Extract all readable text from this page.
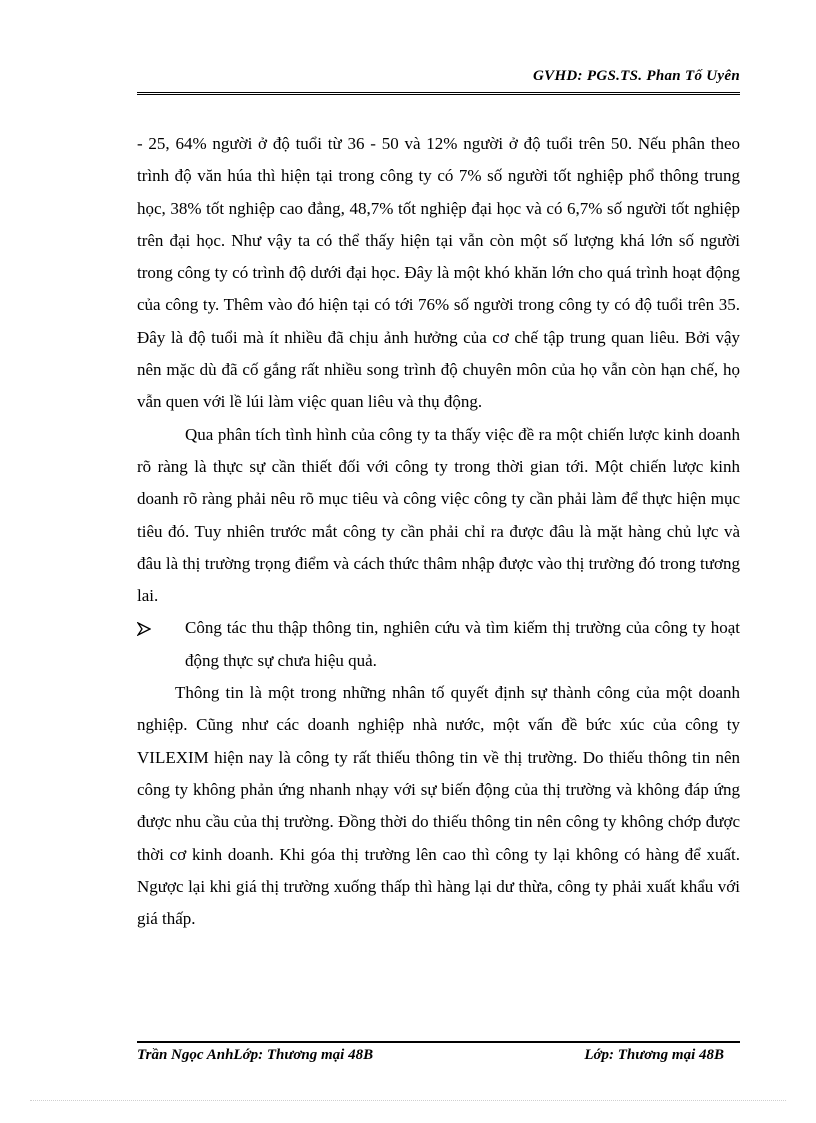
GVHD: PGS.TS. Phan Tố Uyên

- 25, 64% người ở độ tuổi từ 36 - 50 và 12% người ở độ tuổi trên 50. Nếu phân theo trình độ văn húa thì hiện tại trong công ty có 7% số người tốt nghiệp phổ thông trung học, 38% tốt nghiệp cao đẳng, 48,7% tốt nghiệp đại học và có 6,7% số người tốt nghiệp trên đại học. Như vậy ta có thể thấy hiện tại vẫn còn một số lượng khá lớn số người trong công ty có trình độ dưới đại học. Đây là một khó khăn lớn cho quá trình hoạt động của công ty. Thêm vào đó hiện tại có tới 76% số người trong công ty có độ tuổi trên 35. Đây là độ tuổi mà ít nhiều đã chịu ảnh hưởng của cơ chế tập trung quan liêu. Bởi vậy nên mặc dù đã cố gắng rất nhiều song trình độ chuyên môn của họ vẫn còn hạn chế, họ vẫn quen với lề lúi làm việc quan liêu và thụ động.

Qua phân tích tình hình của công ty ta thấy việc đề ra một chiến lược kinh doanh rõ ràng là thực sự cần thiết đối với công ty trong thời gian tới. Một chiến lược kinh doanh rõ ràng phải nêu rõ mục tiêu và công việc công ty cần phải làm để thực hiện mục tiêu đó. Tuy nhiên trước mắt công ty cần phải chỉ ra được đâu là mặt hàng chủ lực và đâu là thị trường trọng điểm và cách thức thâm nhập được vào thị trường đó trong tương lai.

Công tác thu thập thông tin, nghiên cứu và tìm kiếm thị trường của công ty hoạt động thực sự chưa hiệu quả.

Thông tin là một trong những nhân tố quyết định sự thành công của một doanh nghiệp. Cũng như các doanh nghiệp nhà nước, một vấn đề bức xúc của công ty VILEXIM hiện nay là công ty rất thiếu thông tin về thị trường. Do thiếu thông tin nên công ty không phản ứng nhanh nhạy với sự biến động của thị trường và không đáp ứng được nhu cầu của thị trường. Đồng thời do thiếu thông tin nên công ty không chớp được thời cơ kinh doanh. Khi góa thị trường lên cao thì công ty lại không có hàng để xuất. Ngược lại khi giá thị trường xuống thấp thì hàng lại dư thừa, công ty phải xuất khẩu với giá thấp.

Trần Ngọc AnhLớp: Thương mại 48B	Lớp: Thương mại 48B
